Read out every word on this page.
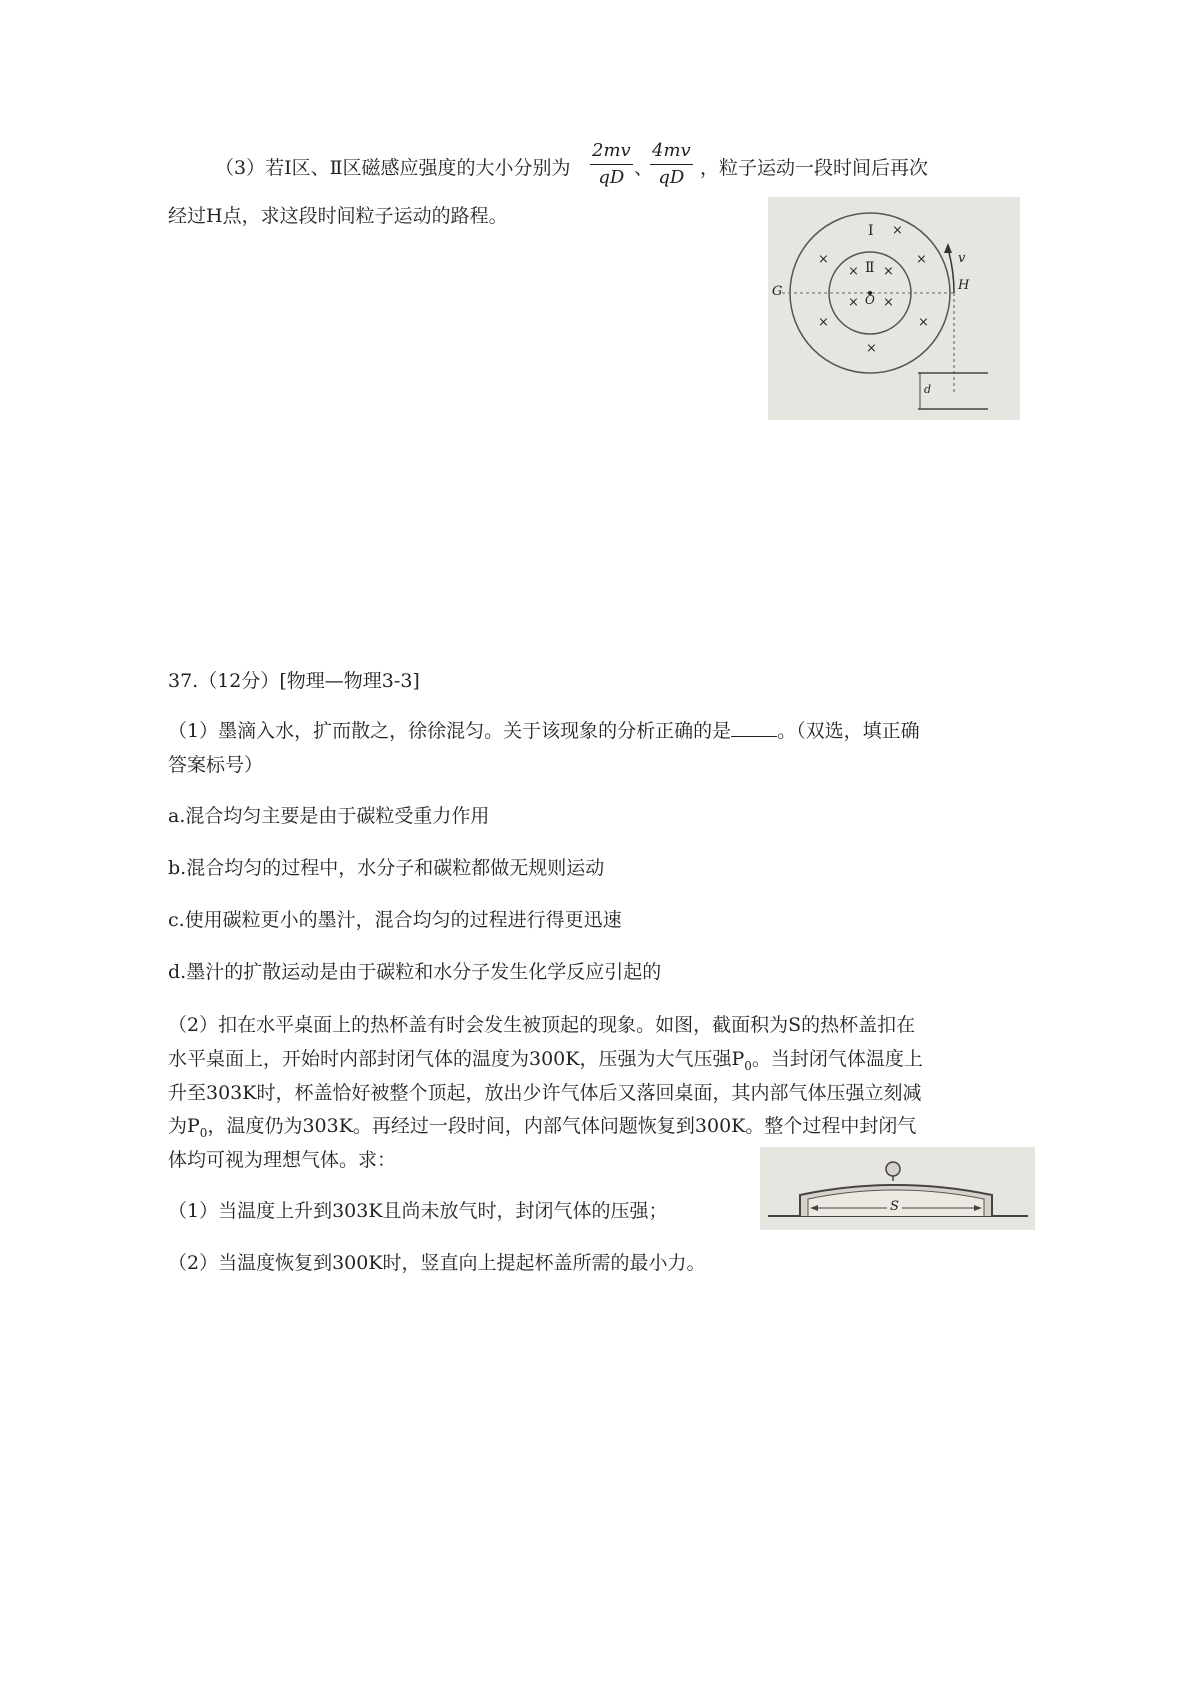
（3）若Ⅰ区、Ⅱ区磁感应强度的大小分别为 $\frac{2mv}{qD}$ 、
$\frac{4mv}{qD}$ ，粒子运动一段时间后再次
经过H点，求这段时间粒子运动的路程。
Ⅰ
Ⅱ
O
G	H
v
d
×
×	×
× ×
× ×
×	×
×
37.（12分）[物理—物理3-3]
（1）墨滴入水，扩而散之，徐徐混匀。关于该现象的分析正确的是 。（双选，填正确
答案标号）
a.混合均匀主要是由于碳粒受重力作用
b.混合均匀的过程中，水分子和碳粒都做无规则运动
c.使用碳粒更小的墨汁，混合均匀的过程进行得更迅速
d.墨汁的扩散运动是由于碳粒和水分子发生化学反应引起的
（2）扣在水平桌面上的热杯盖有时会发生被顶起的现象。如图，截面积为S的热杯盖扣在
水平桌面上，开始时内部封闭气体的温度为300K，压强为大气压强$P_0$。当封闭气体温度上
升至303K时，杯盖恰好被整个顶起，放出少许气体后又落回桌面，其内部气体压强立刻减
为$P_0$，温度仍为303K。再经过一段时间，内部气体问题恢复到300K。整个过程中封闭气
体均可视为理想气体。求：
（1）当温度上升到303K且尚未放气时，封闭气体的压强；
（2）当温度恢复到300K时，竖直向上提起杯盖所需的最小力。
S
